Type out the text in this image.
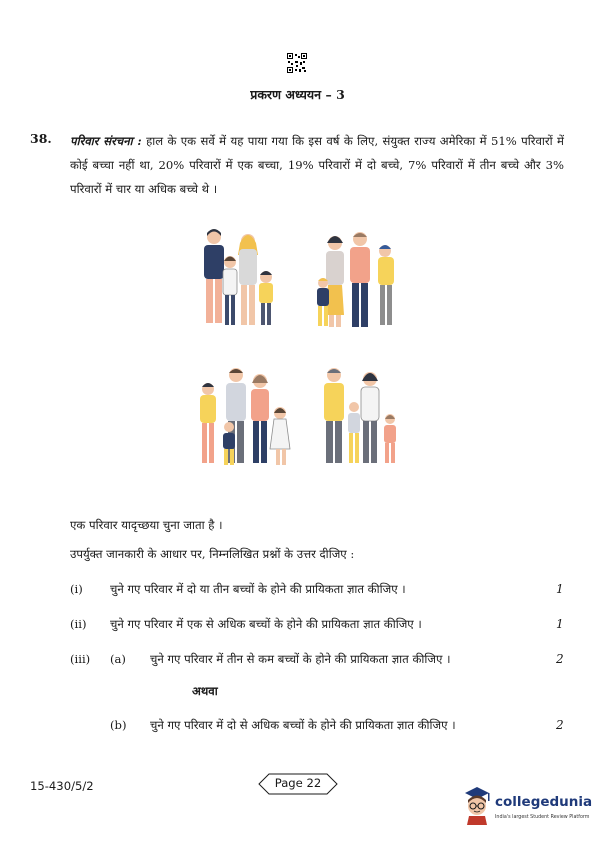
प्रकरण अध्ययन – 3
38. परिवार संरचना : हाल के एक सर्वे में यह पाया गया कि इस वर्ष के लिए, संयुक्त राज्य अमेरिका में 51% परिवारों में कोई बच्चा नहीं था, 20% परिवारों में एक बच्चा, 19% परिवारों में दो बच्चे, 7% परिवारों में तीन बच्चे और 3% परिवारों में चार या अधिक बच्चे थे ।
एक परिवार यादृच्छया चुना जाता है ।
उपर्युक्त जानकारी के आधार पर, निम्नलिखित प्रश्नों के उत्तर दीजिए :
(i) चुने गए परिवार में दो या तीन बच्चों के होने की प्रायिकता ज्ञात कीजिए ।	1
(ii) चुने गए परिवार में एक से अधिक बच्चों के होने की प्रायिकता ज्ञात कीजिए ।	1
(iii) (a) चुने गए परिवार में तीन से कम बच्चों के होने की प्रायिकता ज्ञात कीजिए ।	2
अथवा
(b) चुने गए परिवार में दो से अधिक बच्चों के होने की प्रायिकता ज्ञात कीजिए ।	2
15-430/5/2	Page 22
collegedunia
India's largest Student Review Platform
